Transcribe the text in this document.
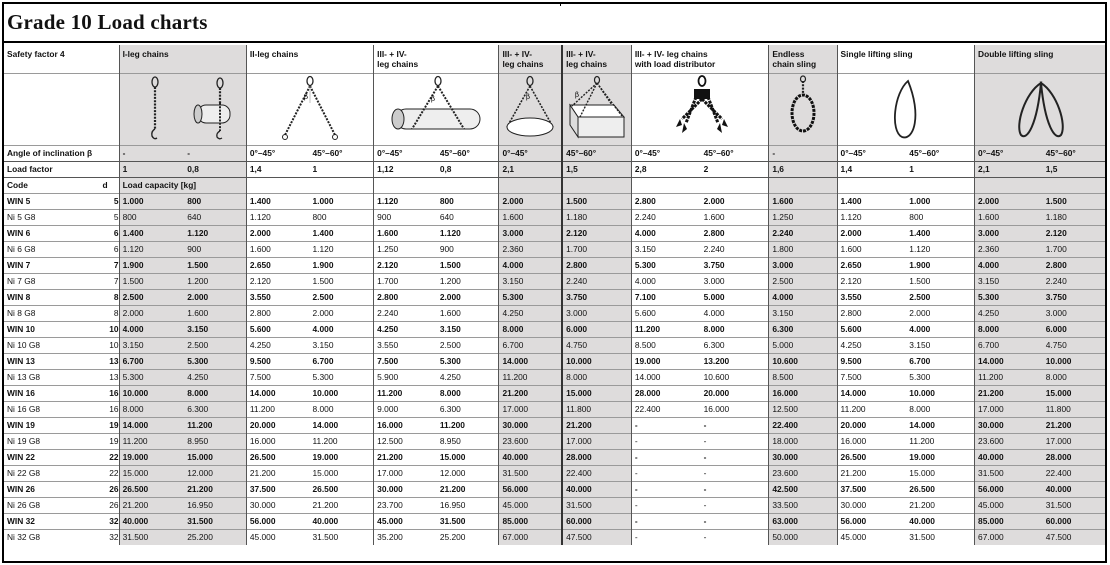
Grade 10 Load charts
Safety factor 4		I-leg chains		II-leg chains		III- + IV-
leg chains		III- + IV-
leg chains	III- + IV-
leg chains	III- + IV- leg chains
with load distributor		Endless
chain sling	Single lifting sling		Double lifting sling	

β		β		β	β

Angle of inclination β		-	-	0°–45°	45°–60°	0°–45°	45°–60°	0°–45°	45°–60°	0°–45°	45°–60°	-	0°–45°	45°–60°	0°–45°	45°–60°
Load factor		1	0,8	1,4	1	1,12	0,8	2,1	1,5	2,8	2	1,6	1,4	1	2,1	1,5
Code	d	Load capacity [kg]														
WIN 5	5	1.000	800	1.400	1.000	1.120	800	2.000	1.500	2.800	2.000	1.600	1.400	1.000	2.000	1.500
Ni 5 G8	5	800	640	1.120	800	900	640	1.600	1.180	2.240	1.600	1.250	1.120	800	1.600	1.180
WIN 6	6	1.400	1.120	2.000	1.400	1.600	1.120	3.000	2.120	4.000	2.800	2.240	2.000	1.400	3.000	2.120
Ni 6 G8	6	1.120	900	1.600	1.120	1.250	900	2.360	1.700	3.150	2.240	1.800	1.600	1.120	2.360	1.700
WIN 7	7	1.900	1.500	2.650	1.900	2.120	1.500	4.000	2.800	5.300	3.750	3.000	2.650	1.900	4.000	2.800
Ni 7 G8	7	1.500	1.200	2.120	1.500	1.700	1.200	3.150	2.240	4.000	3.000	2.500	2.120	1.500	3.150	2.240
WIN 8	8	2.500	2.000	3.550	2.500	2.800	2.000	5.300	3.750	7.100	5.000	4.000	3.550	2.500	5.300	3.750
Ni 8 G8	8	2.000	1.600	2.800	2.000	2.240	1.600	4.250	3.000	5.600	4.000	3.150	2.800	2.000	4.250	3.000
WIN 10	10	4.000	3.150	5.600	4.000	4.250	3.150	8.000	6.000	11.200	8.000	6.300	5.600	4.000	8.000	6.000
Ni 10 G8	10	3.150	2.500	4.250	3.150	3.550	2.500	6.700	4.750	8.500	6.300	5.000	4.250	3.150	6.700	4.750
WIN 13	13	6.700	5.300	9.500	6.700	7.500	5.300	14.000	10.000	19.000	13.200	10.600	9.500	6.700	14.000	10.000
Ni 13 G8	13	5.300	4.250	7.500	5.300	5.900	4.250	11.200	8.000	14.000	10.600	8.500	7.500	5.300	11.200	8.000
WIN 16	16	10.000	8.000	14.000	10.000	11.200	8.000	21.200	15.000	28.000	20.000	16.000	14.000	10.000	21.200	15.000
Ni 16 G8	16	8.000	6.300	11.200	8.000	9.000	6.300	17.000	11.800	22.400	16.000	12.500	11.200	8.000	17.000	11.800
WIN 19	19	14.000	11.200	20.000	14.000	16.000	11.200	30.000	21.200	-	-	22.400	20.000	14.000	30.000	21.200
Ni 19 G8	19	11.200	8.950	16.000	11.200	12.500	8.950	23.600	17.000	-	-	18.000	16.000	11.200	23.600	17.000
WIN 22	22	19.000	15.000	26.500	19.000	21.200	15.000	40.000	28.000	-	-	30.000	26.500	19.000	40.000	28.000
Ni 22 G8	22	15.000	12.000	21.200	15.000	17.000	12.000	31.500	22.400	-	-	23.600	21.200	15.000	31.500	22.400
WIN 26	26	26.500	21.200	37.500	26.500	30.000	21.200	56.000	40.000	-	-	42.500	37.500	26.500	56.000	40.000
Ni 26 G8	26	21.200	16.950	30.000	21.200	23.700	16.950	45.000	31.500	-	-	33.500	30.000	21.200	45.000	31.500
WIN 32	32	40.000	31.500	56.000	40.000	45.000	31.500	85.000	60.000	-	-	63.000	56.000	40.000	85.000	60.000
Ni 32 G8	32	31.500	25.200	45.000	31.500	35.200	25.200	67.000	47.500	-	-	50.000	45.000	31.500	67.000	47.500
